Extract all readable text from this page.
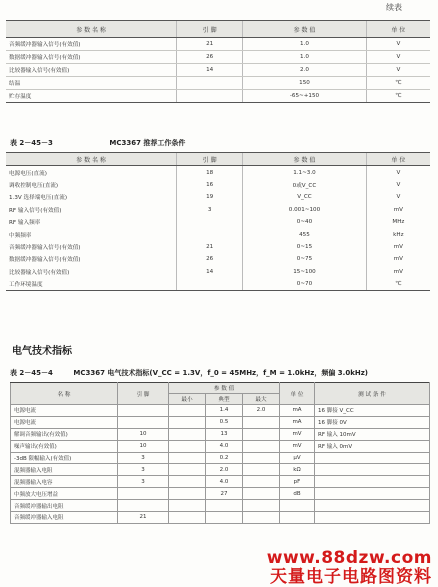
续表
参 数 名 称	引 脚	参 数 值	单 位
音频缓冲器输入信号(有效值)	21	1.0	V
数据缓冲器输入信号(有效值)	26	1.0	V
比较器输入信号(有效值)	14	2.0	V
结温		150	℃
贮存温度		-65~+150	℃
表 2－45－3	MC3367 推荐工作条件
参 数 名 称	引 脚	参 数 值	单 位
电源电压(直流)	18	1.1~3.0	V
调收控制电压(直流)	16	0或V_CC	V
1.3V 选择端电压(直流)	19	V_CC	V
RF 输入信号(有效值)	3	0.001~100	mV
RF 输入频率		0~40	MHz
中频频率		455	kHz
音频缓冲器输入信号(有效值)	21	0~15	mV
数据缓冲器输入信号(有效值)	26	0~75	mV
比较器输入信号(有效值)	14	15~100	mV
工作环境温度		0~70	℃
电气技术指标
表 2－45－4	MC3367 电气技术指标(V_CC = 1.3V，f_0 = 45MHz，f_M = 1.0kHz，频偏 3.0kHz)
名 称	引 脚	参 数 值			单 位	测 试 条 件
		最小	典型	最大		
电源电流			1.4	2.0	mA	16 脚接 V_CC
电源电流			0.5		mA	16 脚接 0V
解调音频输出(有效值)	10		13		mV	RF 输入 10mV
噪声输出(有效值)	10		4.0		mV	RF 输入 0mV
-3dB 限幅输入(有效值)	3		0.2		μV	
混频器输入电阻	3		2.0		kΩ	
混频器输入电容	3		4.0		pF	
中频放大电压增益			27		dB	
音频缓冲器输出电阻						
音频缓冲器输入电阻	21					
www.88dzw.com
天量电子电路图资料
